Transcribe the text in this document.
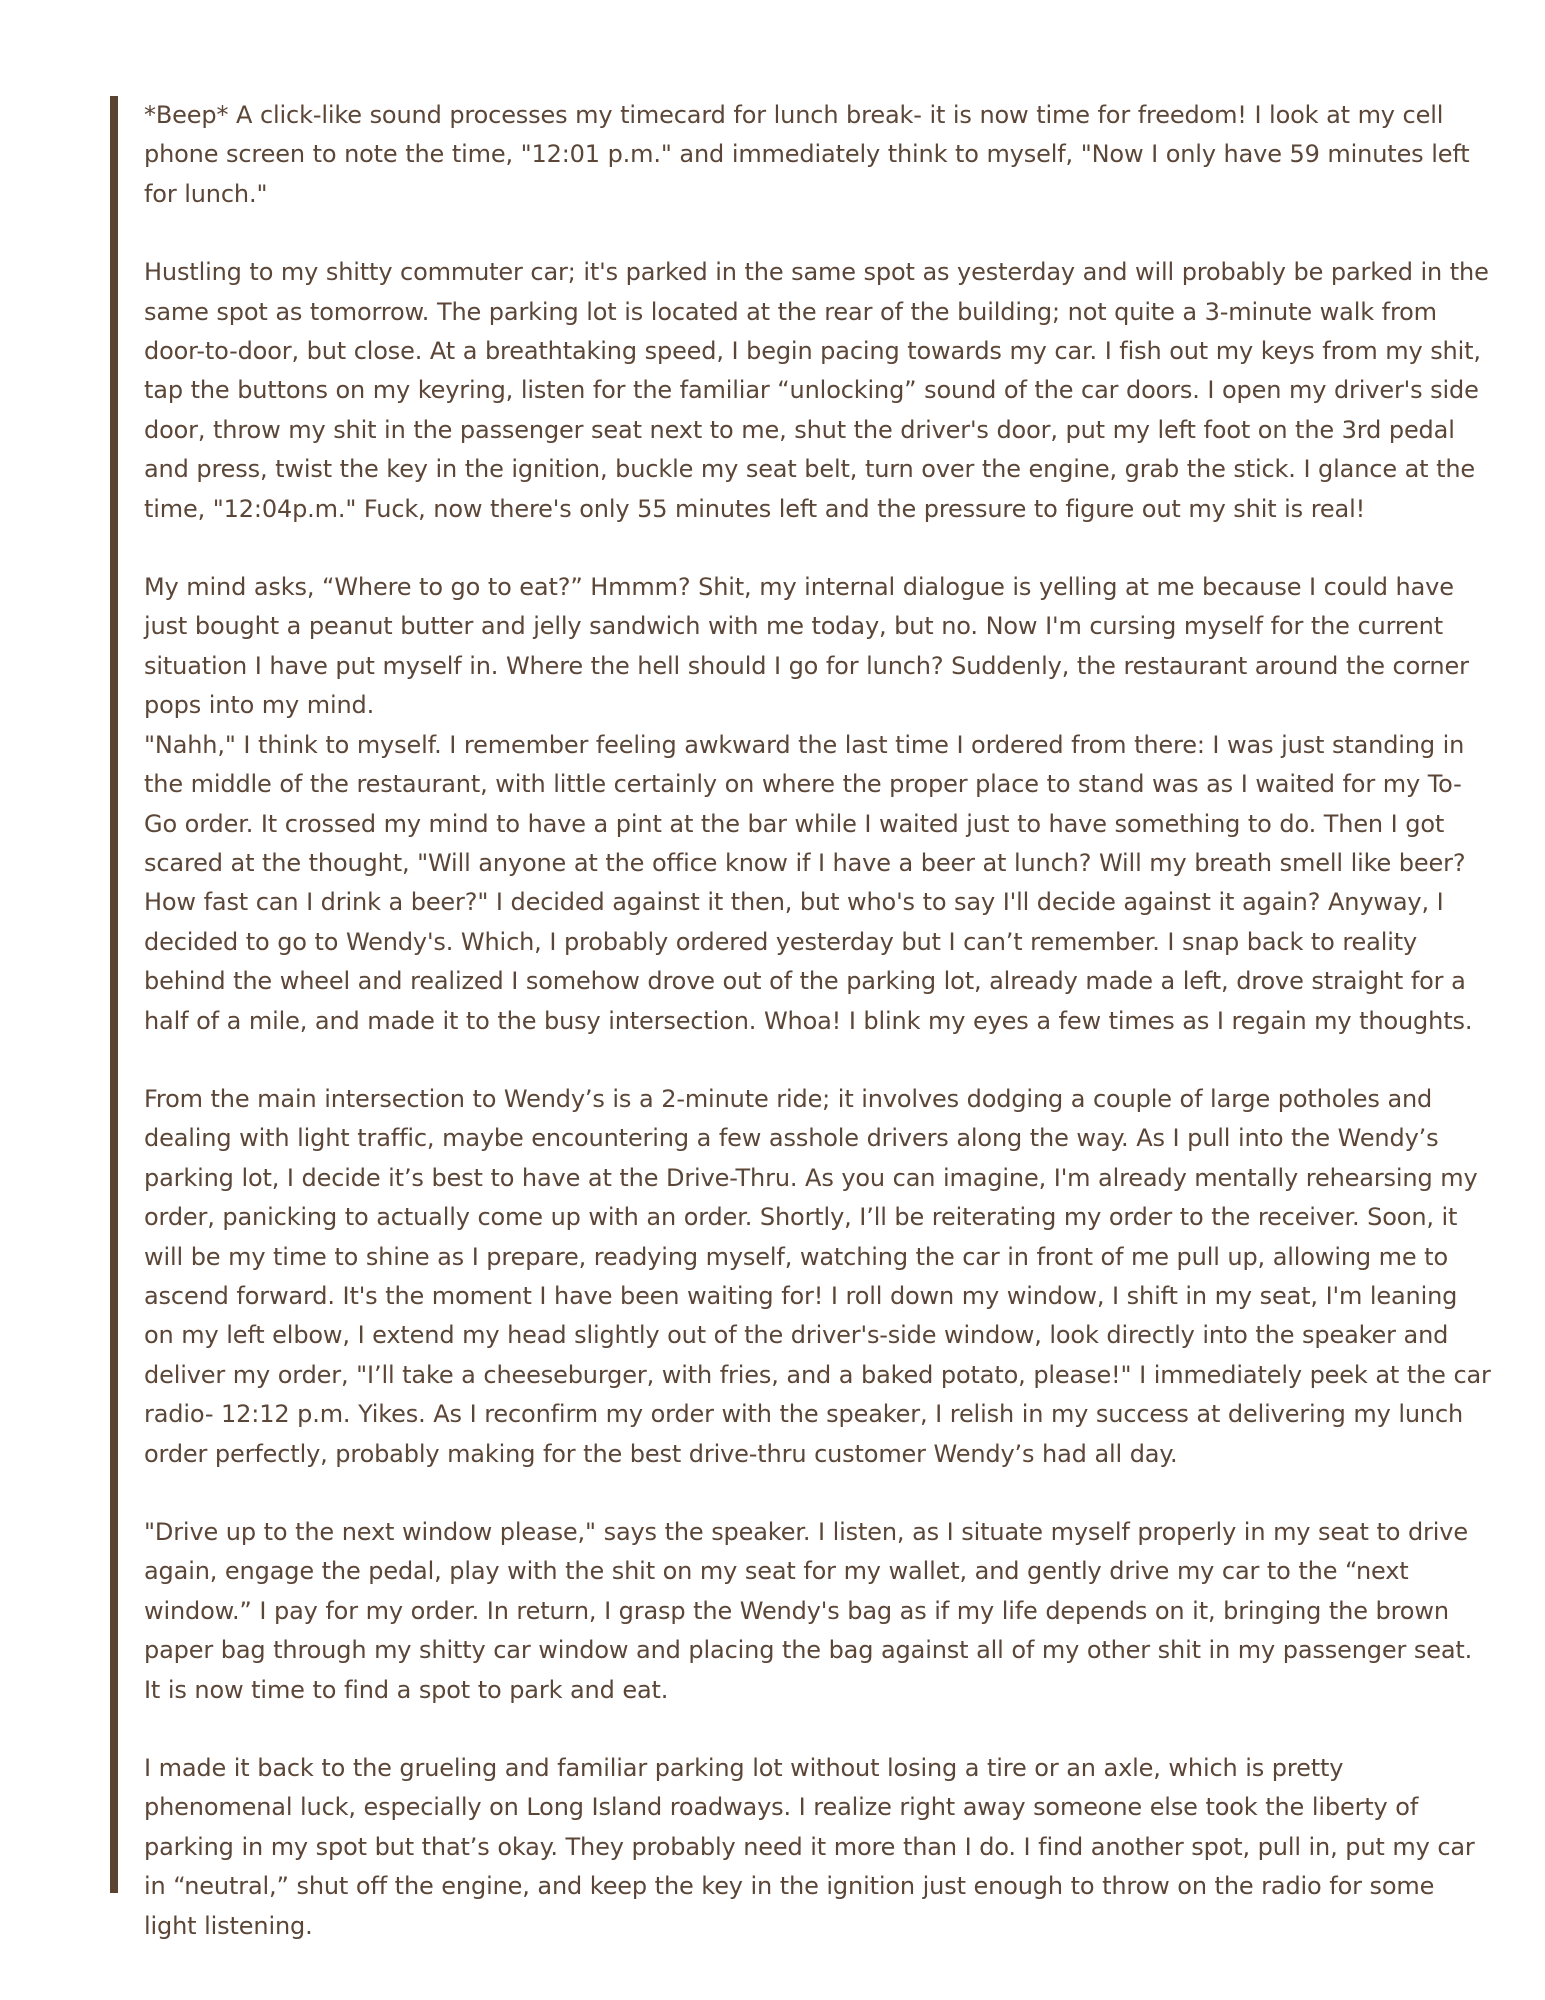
*Beep* A click-like sound processes my timecard for lunch break- it is now time for freedom! I look at my cell phone screen to note the time, "12:01 p.m." and immediately think to myself, "Now I only have 59 minutes left for lunch."

Hustling to my shitty commuter car; it's parked in the same spot as yesterday and will probably be parked in the same spot as tomorrow. The parking lot is located at the rear of the building; not quite a 3-minute walk from door-to-door, but close. At a breathtaking speed, I begin pacing towards my car. I fish out my keys from my shit, tap the buttons on my keyring, listen for the familiar “unlocking” sound of the car doors. I open my driver's side door, throw my shit in the passenger seat next to me, shut the driver's door, put my left foot on the 3rd pedal and press, twist the key in the ignition, buckle my seat belt, turn over the engine, grab the stick. I glance at the time, "12:04p.m." Fuck, now there's only 55 minutes left and the pressure to figure out my shit is real!

My mind asks, “Where to go to eat?” Hmmm? Shit, my internal dialogue is yelling at me because I could have just bought a peanut butter and jelly sandwich with me today, but no. Now I'm cursing myself for the current situation I have put myself in. Where the hell should I go for lunch? Suddenly, the restaurant around the corner pops into my mind.

"Nahh," I think to myself. I remember feeling awkward the last time I ordered from there: I was just standing in the middle of the restaurant, with little certainly on where the proper place to stand was as I waited for my To-Go order. It crossed my mind to have a pint at the bar while I waited just to have something to do. Then I got scared at the thought, "Will anyone at the office know if I have a beer at lunch? Will my breath smell like beer? How fast can I drink a beer?" I decided against it then, but who's to say I'll decide against it again? Anyway, I decided to go to Wendy's. Which, I probably ordered yesterday but I can’t remember. I snap back to reality behind the wheel and realized I somehow drove out of the parking lot, already made a left, drove straight for a half of a mile, and made it to the busy intersection. Whoa! I blink my eyes a few times as I regain my thoughts.

From the main intersection to Wendy’s is a 2-minute ride; it involves dodging a couple of large potholes and dealing with light traffic, maybe encountering a few asshole drivers along the way. As I pull into the Wendy’s parking lot, I decide it’s best to have at the Drive-Thru. As you can imagine, I'm already mentally rehearsing my order, panicking to actually come up with an order. Shortly, I’ll be reiterating my order to the receiver. Soon, it will be my time to shine as I prepare, readying myself, watching the car in front of me pull up, allowing me to ascend forward. It's the moment I have been waiting for! I roll down my window, I shift in my seat, I'm leaning on my left elbow, I extend my head slightly out of the driver's-side window, look directly into the speaker and deliver my order, "I’ll take a cheeseburger, with fries, and a baked potato, please!" I immediately peek at the car radio- 12:12 p.m. Yikes. As I reconfirm my order with the speaker, I relish in my success at delivering my lunch order perfectly, probably making for the best drive-thru customer Wendy’s had all day.

"Drive up to the next window please," says the speaker. I listen, as I situate myself properly in my seat to drive again, engage the pedal, play with the shit on my seat for my wallet, and gently drive my car to the “next window.” I pay for my order. In return, I grasp the Wendy's bag as if my life depends on it, bringing the brown paper bag through my shitty car window and placing the bag against all of my other shit in my passenger seat. It is now time to find a spot to park and eat.

I made it back to the grueling and familiar parking lot without losing a tire or an axle, which is pretty phenomenal luck, especially on Long Island roadways. I realize right away someone else took the liberty of parking in my spot but that’s okay. They probably need it more than I do. I find another spot, pull in, put my car in “neutral,” shut off the engine, and keep the key in the ignition just enough to throw on the radio for some light listening.
